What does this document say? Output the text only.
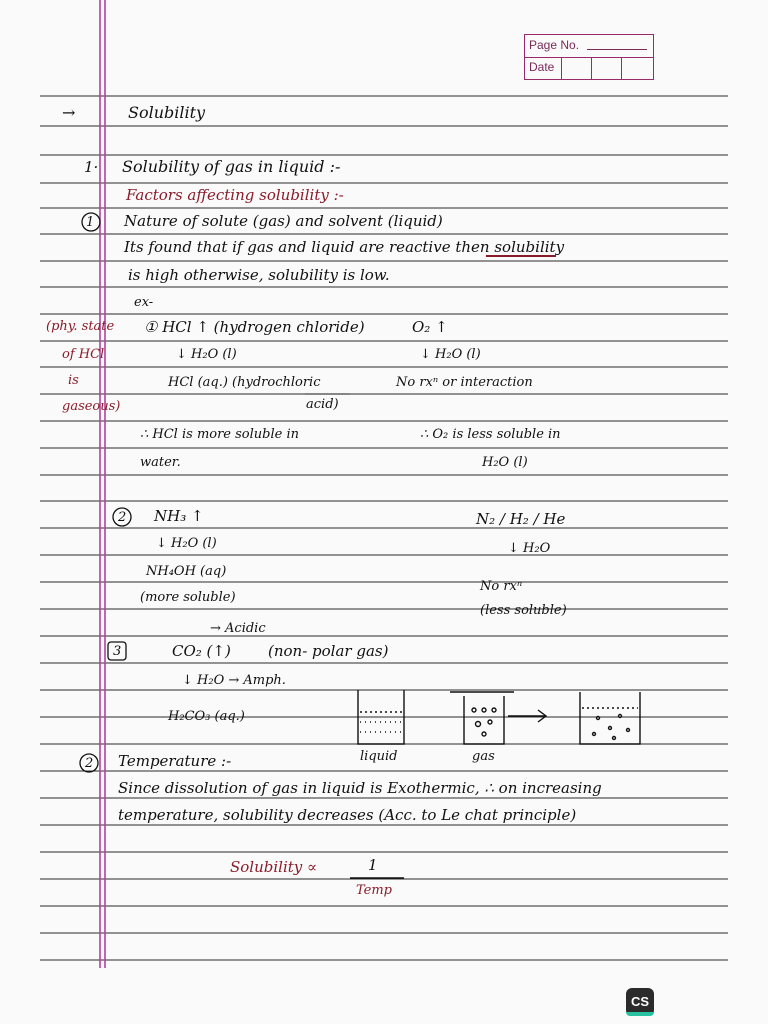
Page No.
Date
→	Solubility
1· Solubility of gas in liquid :-
Factors affecting solubility :-
1 Nature of solute (gas) and solvent (liquid)
Its found that if gas and liquid are reactive then solubility
is high otherwise, solubility is low.
ex-
(phy. state
of HCl
is
gaseous)
① HCl ↑ (hydrogen chloride)	O₂ ↑
↓ H₂O (l)	↓ H₂O (l)
HCl (aq.) (hydrochloric
acid)
No rxⁿ or interaction
∴ HCl is more soluble in
water.
∴ O₂ is less soluble in
H₂O (l)
2 NH₃ ↑
↓ H₂O (l)
NH₄OH (aq)
(more soluble)
N₂ / H₂ / He
↓ H₂O
No rxⁿ
(less soluble)
3
→ Acidic
CO₂ (↑) (non- polar gas)
↓ H₂O → Amph.
H₂CO₃ (aq.)
liquid	gas
2 Temperature :-
Since dissolution of gas in liquid is Exothermic, ∴ on increasing
temperature, solubility decreases (Acc. to Le chat principle)
Solubility ∝	1
Temp
CS
